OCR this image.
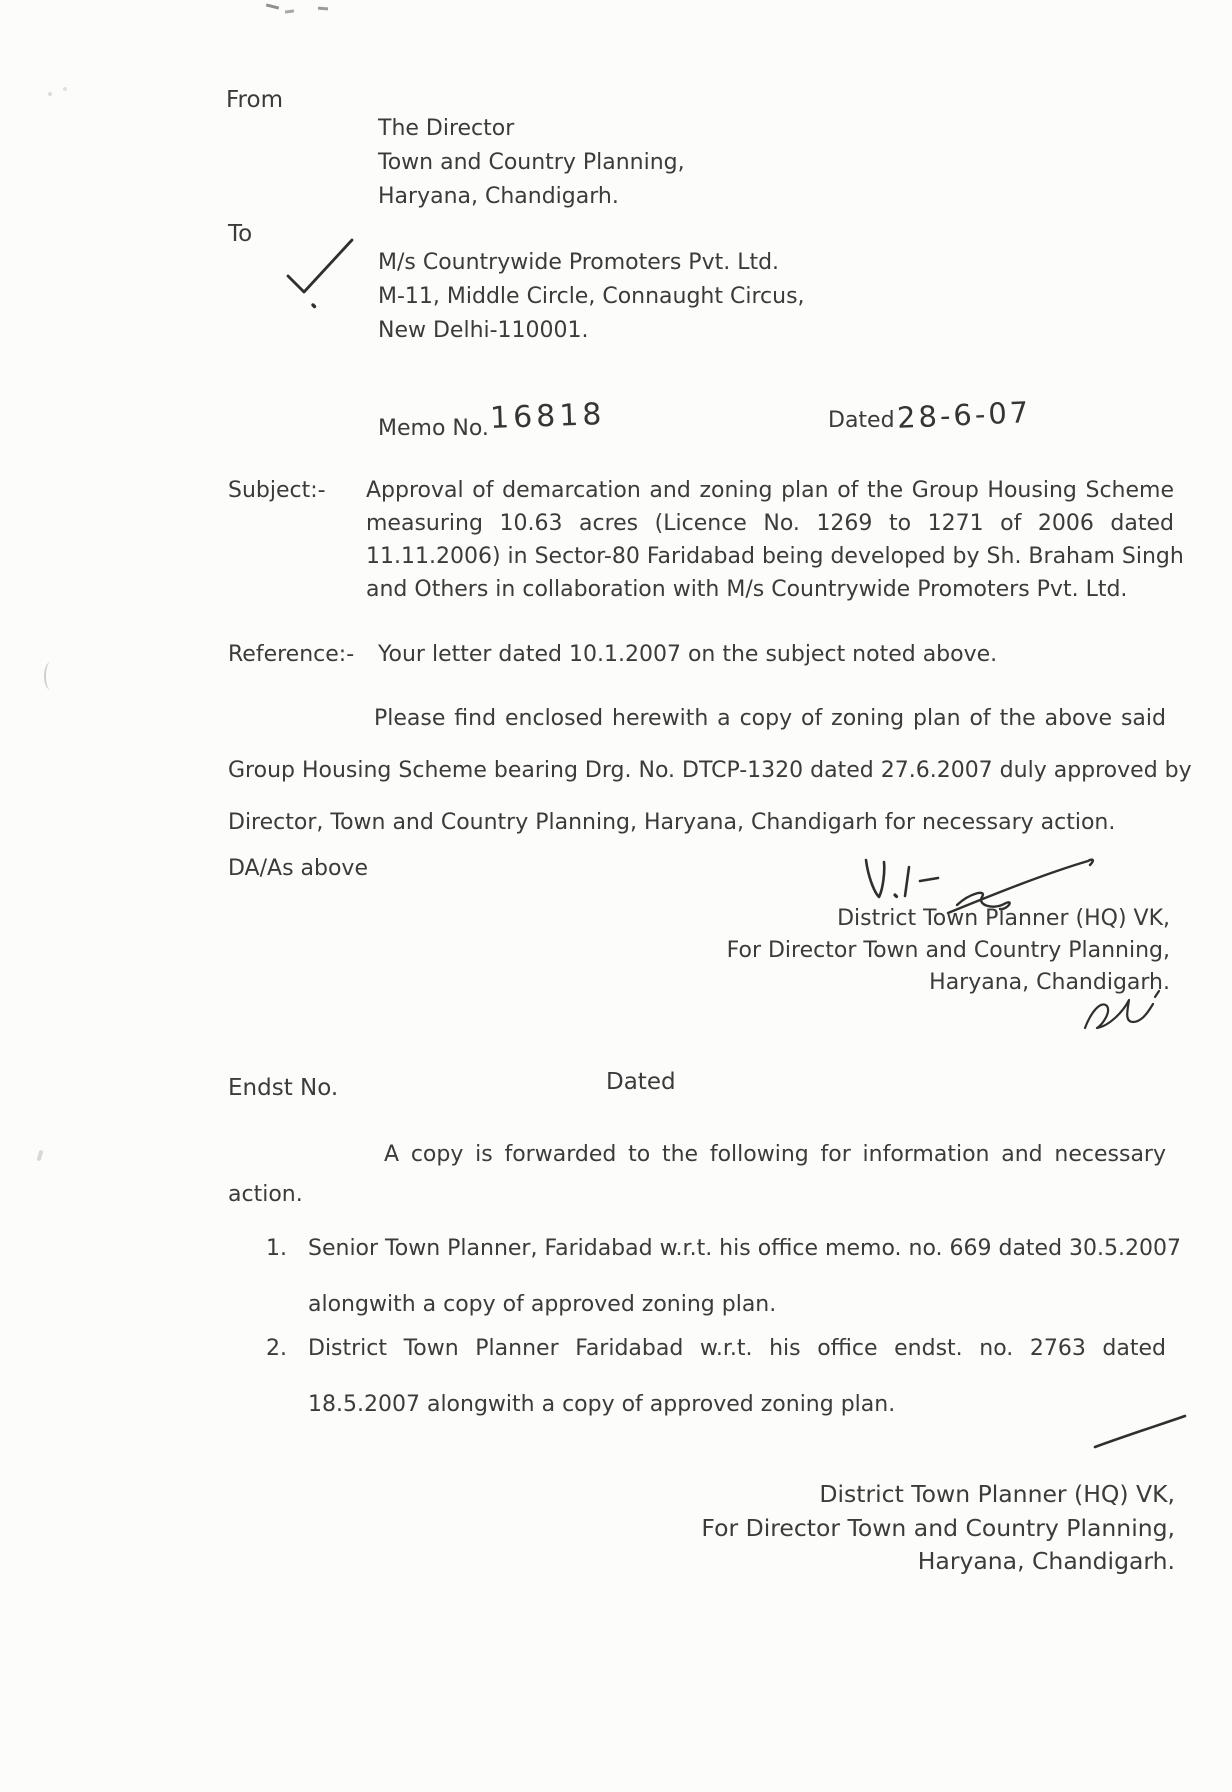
From
The Director
Town and Country Planning,
Haryana, Chandigarh.
To
M/s Countrywide Promoters Pvt. Ltd.
M-11, Middle Circle, Connaught Circus,
New Delhi-110001.
Memo No. 16818	Dated 28-6-07
Subject:- Approval of demarcation and zoning plan of the Group Housing Scheme
measuring 10.63 acres (Licence No. 1269 to 1271 of 2006 dated
11.11.2006) in Sector-80 Faridabad being developed by Sh. Braham Singh
and Others in collaboration with M/s Countrywide Promoters Pvt. Ltd.
Reference:- Your letter dated 10.1.2007 on the subject noted above.
Please find enclosed herewith a copy of zoning plan of the above said
Group Housing Scheme bearing Drg. No. DTCP-1320 dated 27.6.2007 duly approved by
Director, Town and Country Planning, Haryana, Chandigarh for necessary action.
DA/As above
District Town Planner (HQ) VK,
For Director Town and Country Planning,
Haryana, Chandigarh.
Endst No.	Dated
A copy is forwarded to the following for information and necessary
action.
1. Senior Town Planner, Faridabad w.r.t. his office memo. no. 669 dated 30.5.2007
alongwith a copy of approved zoning plan.
2. District Town Planner Faridabad w.r.t. his office endst. no. 2763 dated
18.5.2007 alongwith a copy of approved zoning plan.
District Town Planner (HQ) VK,
For Director Town and Country Planning,
Haryana, Chandigarh.
